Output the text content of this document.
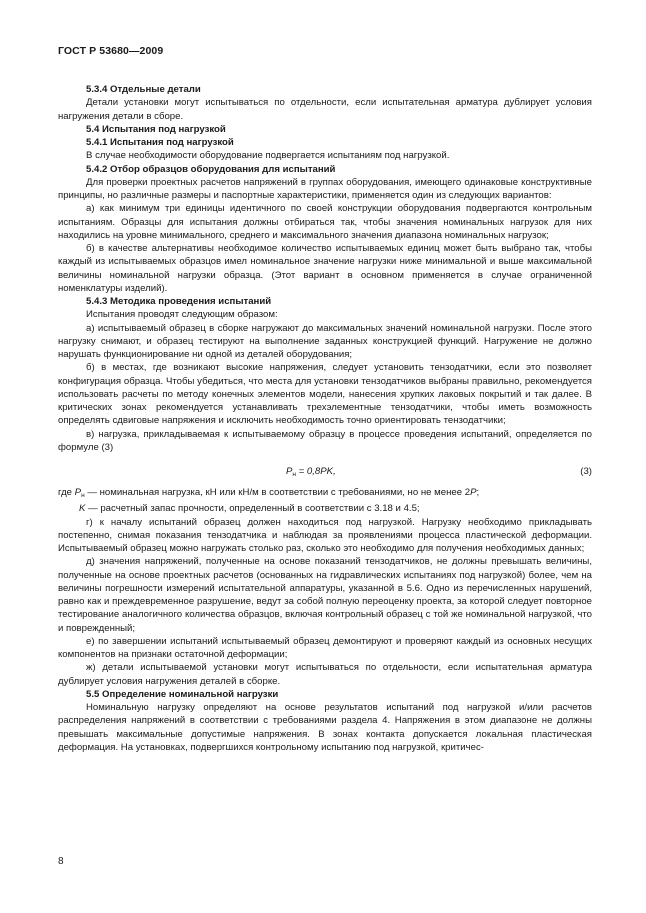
ГОСТ Р 53680—2009

5.3.4 Отдельные детали

Детали установки могут испытываться по отдельности, если испытательная арматура дублирует условия нагружения детали в сборе.

5.4 Испытания под нагрузкой

5.4.1 Испытания под нагрузкой

В случае необходимости оборудование подвергается испытаниям под нагрузкой.

5.4.2 Отбор образцов оборудования для испытаний

Для проверки проектных расчетов напряжений в группах оборудования, имеющего одинаковые конструктивные принципы, но различные размеры и паспортные характеристики, применяется один из следующих вариантов:

а) как минимум три единицы идентичного по своей конструкции оборудования подвергаются контрольным испытаниям. Образцы для испытания должны отбираться так, чтобы значения номинальных нагрузок для них находились на уровне минимального, среднего и максимального значения диапазона номинальных нагрузок;

б) в качестве альтернативы необходимое количество испытываемых единиц может быть выбрано так, чтобы каждый из испытываемых образцов имел номинальное значение нагрузки ниже минимальной и выше максимальной величины номинальной нагрузки образца. (Этот вариант в основном применяется в случае ограниченной номенклатуры изделий).

5.4.3 Методика проведения испытаний

Испытания проводят следующим образом:

а) испытываемый образец в сборке нагружают до максимальных значений номинальной нагрузки. После этого нагрузку снимают, и образец тестируют на выполнение заданных конструкцией функций. Нагружение не должно нарушать функционирование ни одной из деталей оборудования;

б) в местах, где возникают высокие напряжения, следует установить тензодатчики, если это позволяет конфигурация образца. Чтобы убедиться, что места для установки тензодатчиков выбраны правильно, рекомендуется использовать расчеты по методу конечных элементов модели, нанесения хрупких лаковых покрытий и так далее. В критических зонах рекомендуется устанавливать трехэлементные тензодатчики, чтобы иметь возможность определять сдвиговые напряжения и исключить необходимость точно ориентировать тензодатчики;

в) нагрузка, прикладываемая к испытываемому образцу в процессе проведения испытаний, определяется по формуле (3)

$P_н = 0,8PK$,	(3)

где $P_н$ — номинальная нагрузка, кН или кН/м в соответствии с требованиями, но не менее 2P;

K — расчетный запас прочности, определенный в соответствии с 3.18 и 4.5;

г) к началу испытаний образец должен находиться под нагрузкой. Нагрузку необходимо прикладывать постепенно, снимая показания тензодатчика и наблюдая за проявлениями процесса пластической деформации. Испытываемый образец можно нагружать столько раз, сколько это необходимо для получения необходимых данных;

д) значения напряжений, полученные на основе показаний тензодатчиков, не должны превышать величины, полученные на основе проектных расчетов (основанных на гидравлических испытаниях под нагрузкой) более, чем на величины погрешности измерений испытательной аппаратуры, указанной в 5.6. Одно из перечисленных нарушений, равно как и преждевременное разрушение, ведут за собой полную переоценку проекта, за которой следует повторное тестирование аналогичного количества образцов, включая контрольный образец с той же номинальной нагрузкой, что и поврежденный;

е) по завершении испытаний испытываемый образец демонтируют и проверяют каждый из основных несущих компонентов на признаки остаточной деформации;

ж) детали испытываемой установки могут испытываться по отдельности, если испытательная арматура дублирует условия нагружения деталей в сборке.

5.5 Определение номинальной нагрузки

Номинальную нагрузку определяют на основе результатов испытаний под нагрузкой и/или расчетов распределения напряжений в соответствии с требованиями раздела 4. Напряжения в этом диапазоне не должны превышать максимальные допустимые напряжения. В зонах контакта допускается локальная пластическая деформация. На установках, подвергшихся контрольному испытанию под нагрузкой, критичес-

8
